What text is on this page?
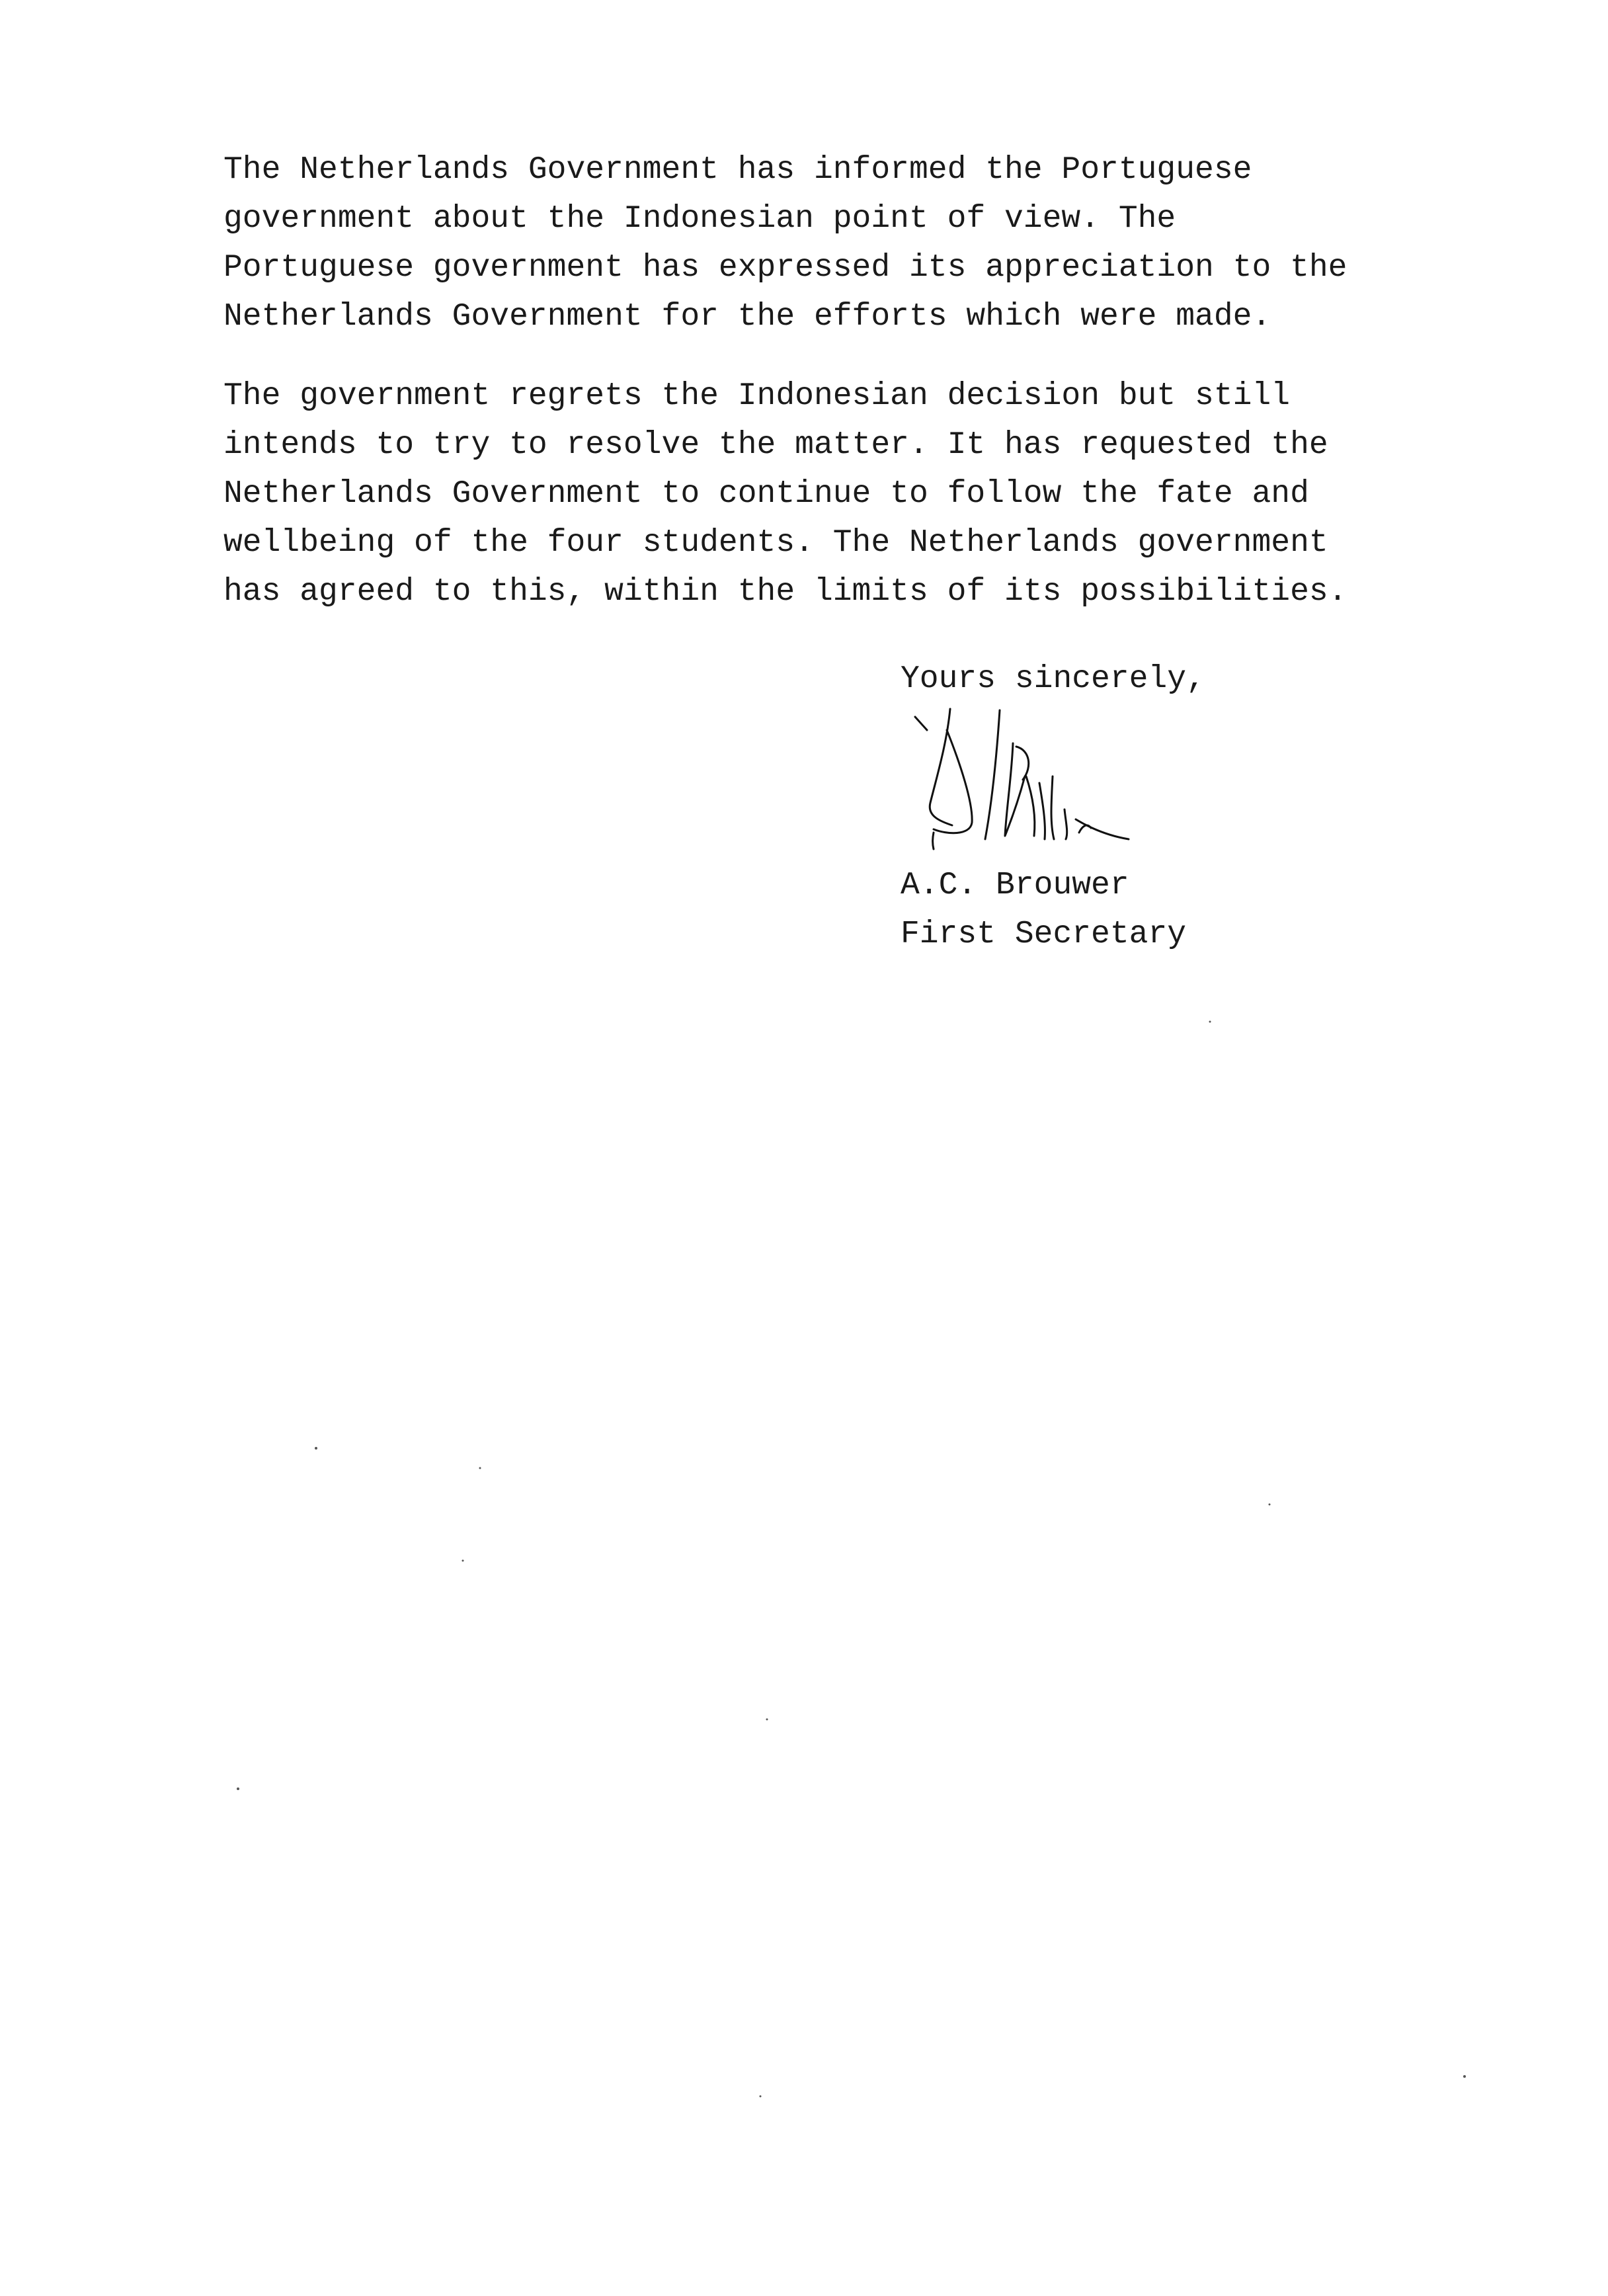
The Netherlands Government has informed the Portuguese
government about the Indonesian point of view. The
Portuguese government has expressed its appreciation to the
Netherlands Government for the efforts which were made.

The government regrets the Indonesian decision but still
intends to try to resolve the matter. It has requested the
Netherlands Government to continue to follow the fate and
wellbeing of the four students. The Netherlands government
has agreed to this, within the limits of its possibilities.

Yours sincerely,
A.C. Brouwer
First Secretary
